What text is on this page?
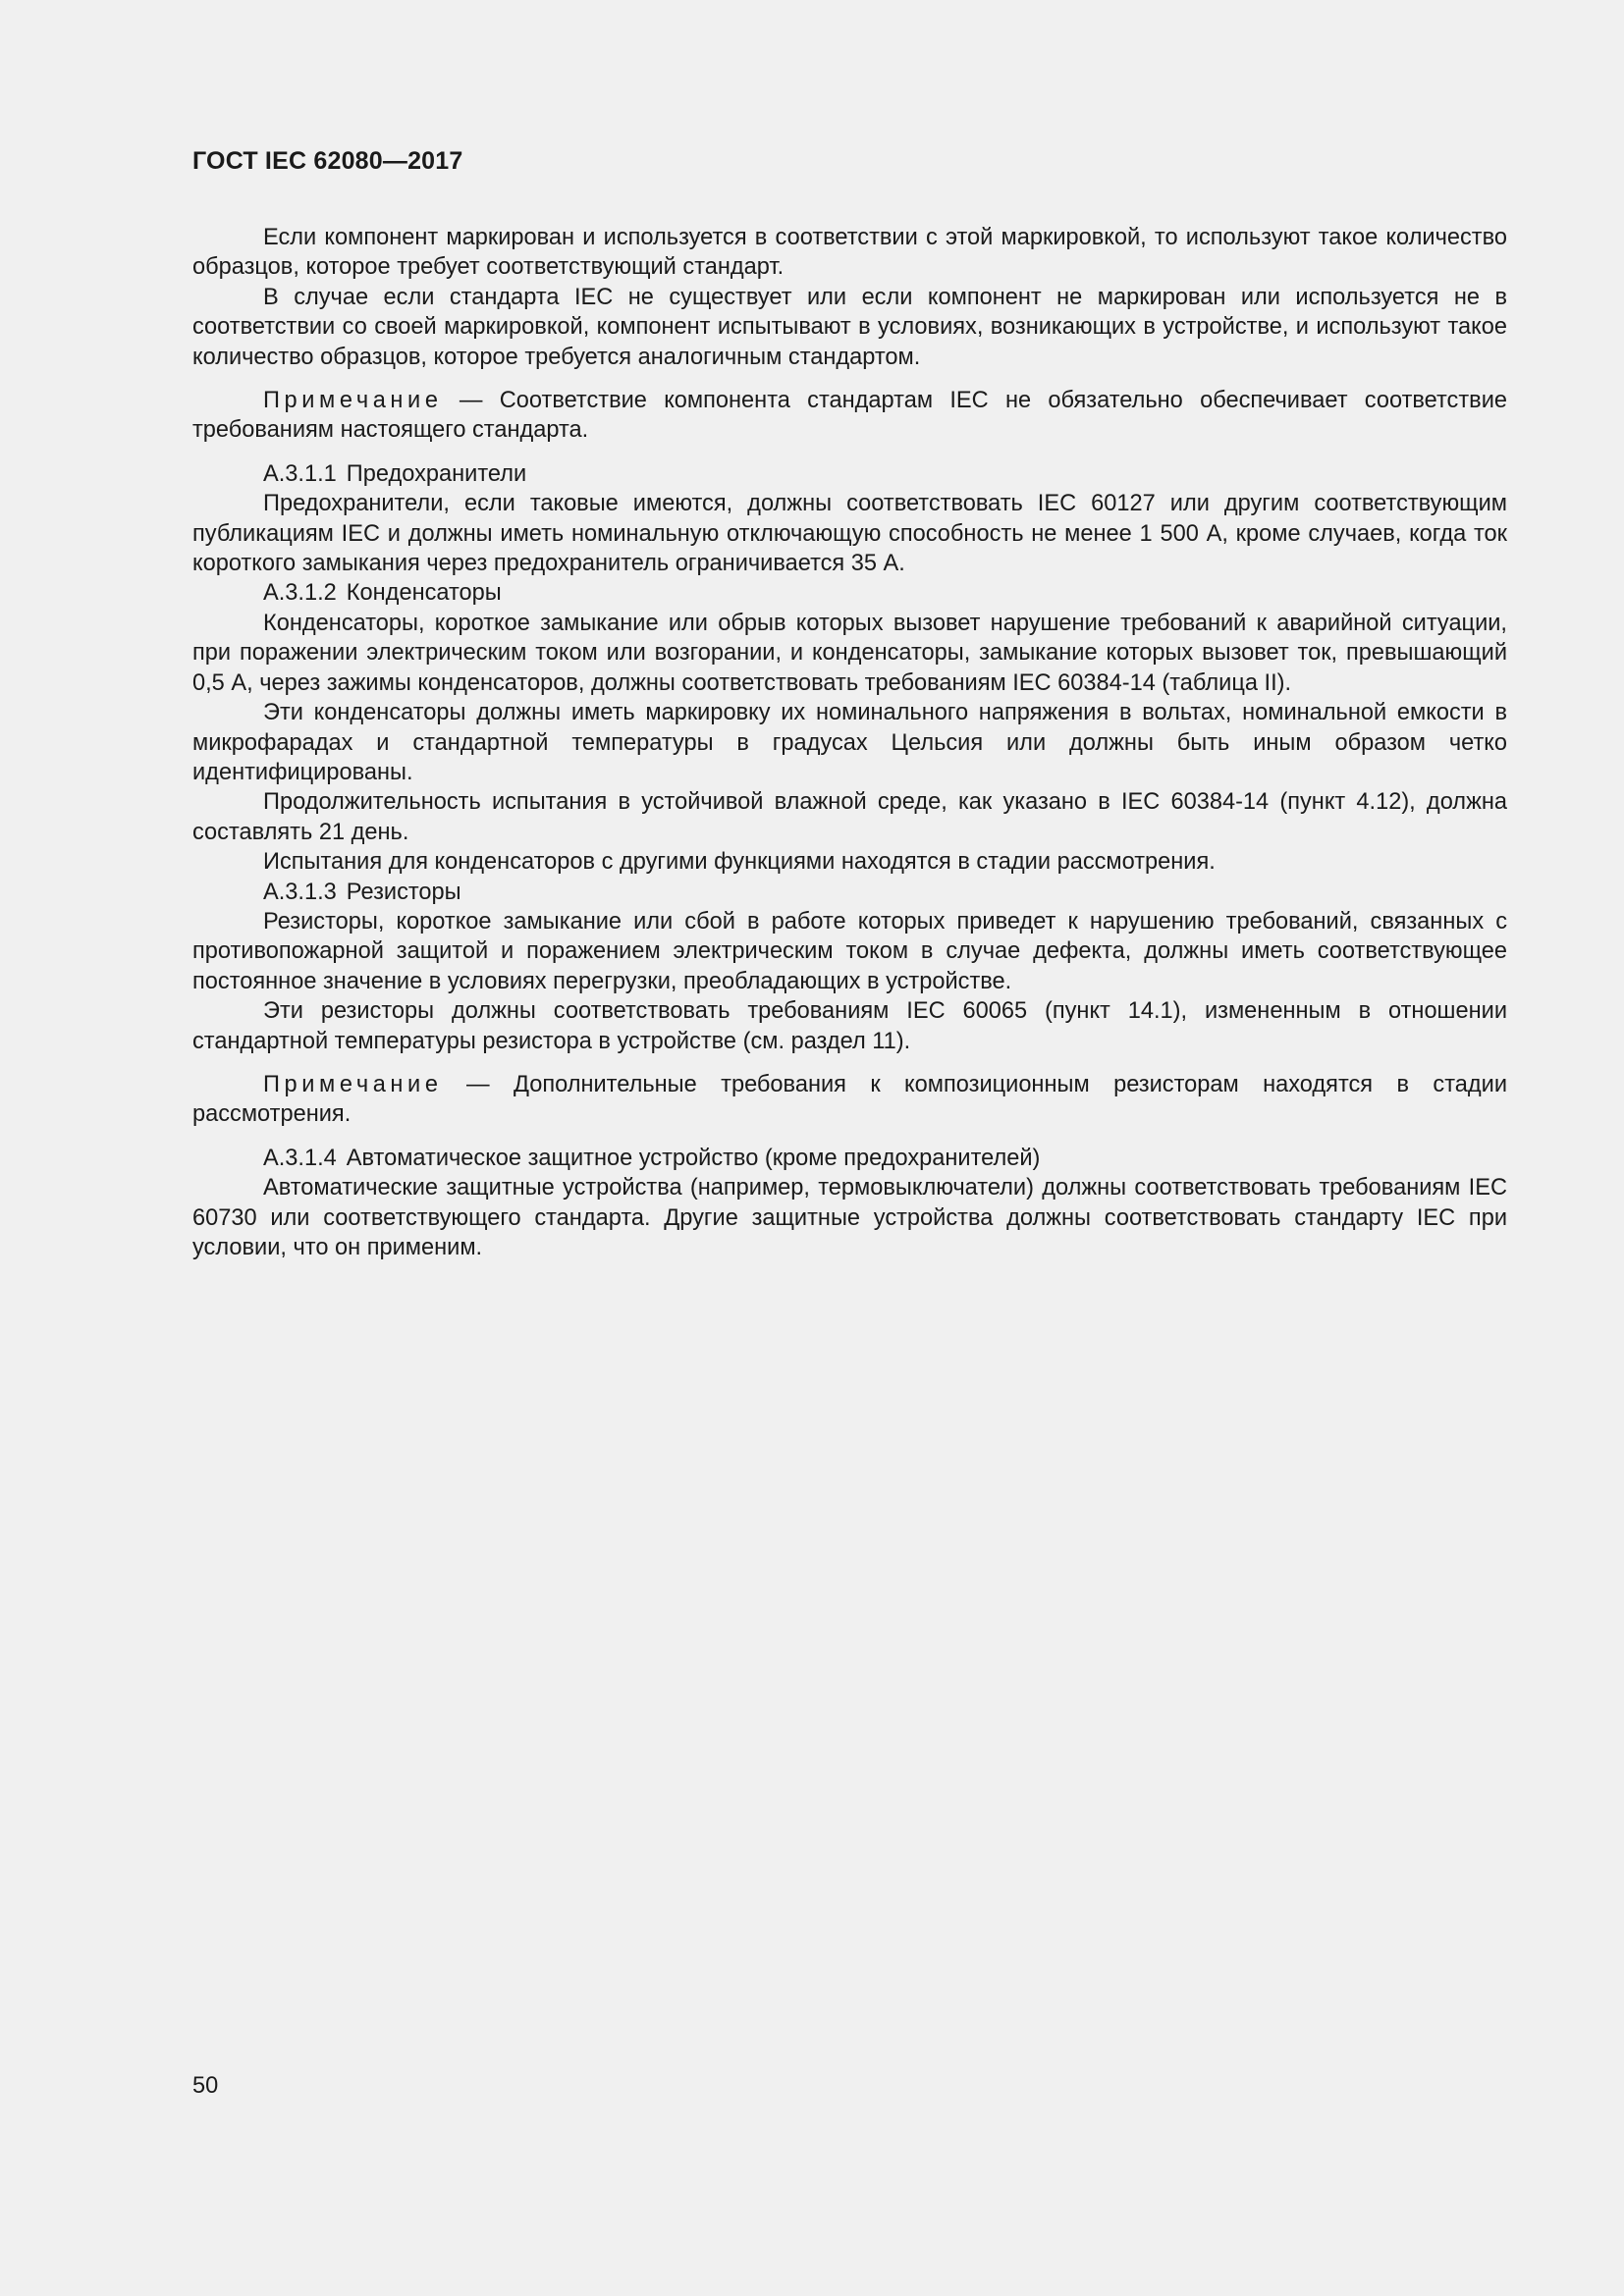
ГОСТ IEC 62080—2017

Если компонент маркирован и используется в соответствии с этой маркировкой, то используют такое количество образцов, которое требует соответствующий стандарт.

В случае если стандарта IEC не существует или если компонент не маркирован или используется не в соответствии со своей маркировкой, компонент испытывают в условиях, возникающих в устройстве, и используют такое количество образцов, которое требуется аналогичным стандартом.

Примечание — Соответствие компонента стандартам IEC не обязательно обеспечивает соответствие требованиям настоящего стандарта.

А.3.1.1 Предохранители

Предохранители, если таковые имеются, должны соответствовать IEC 60127 или другим соответствующим публикациям IEC и должны иметь номинальную отключающую способность не менее 1 500 А, кроме случаев, когда ток короткого замыкания через предохранитель ограничивается 35 А.

А.3.1.2 Конденсаторы

Конденсаторы, короткое замыкание или обрыв которых вызовет нарушение требований к аварийной ситуации, при поражении электрическим током или возгорании, и конденсаторы, замыкание которых вызовет ток, превышающий 0,5 А, через зажимы конденсаторов, должны соответствовать требованиям IEC 60384-14 (таблица II).

Эти конденсаторы должны иметь маркировку их номинального напряжения в вольтах, номинальной емкости в микрофарадах и стандартной температуры в градусах Цельсия или должны быть иным образом четко идентифицированы.

Продолжительность испытания в устойчивой влажной среде, как указано в IEC 60384-14 (пункт 4.12), должна составлять 21 день.

Испытания для конденсаторов с другими функциями находятся в стадии рассмотрения.

А.3.1.3 Резисторы

Резисторы, короткое замыкание или сбой в работе которых приведет к нарушению требований, связанных с противопожарной защитой и поражением электрическим током в случае дефекта, должны иметь соответствующее постоянное значение в условиях перегрузки, преобладающих в устройстве.

Эти резисторы должны соответствовать требованиям IEC 60065 (пункт 14.1), измененным в отношении стандартной температуры резистора в устройстве (см. раздел 11).

Примечание — Дополнительные требования к композиционным резисторам находятся в стадии рассмотрения.

А.3.1.4 Автоматическое защитное устройство (кроме предохранителей)

Автоматические защитные устройства (например, термовыключатели) должны соответствовать требованиям IEC 60730 или соответствующего стандарта. Другие защитные устройства должны соответствовать стандарту IEC при условии, что он применим.

50
